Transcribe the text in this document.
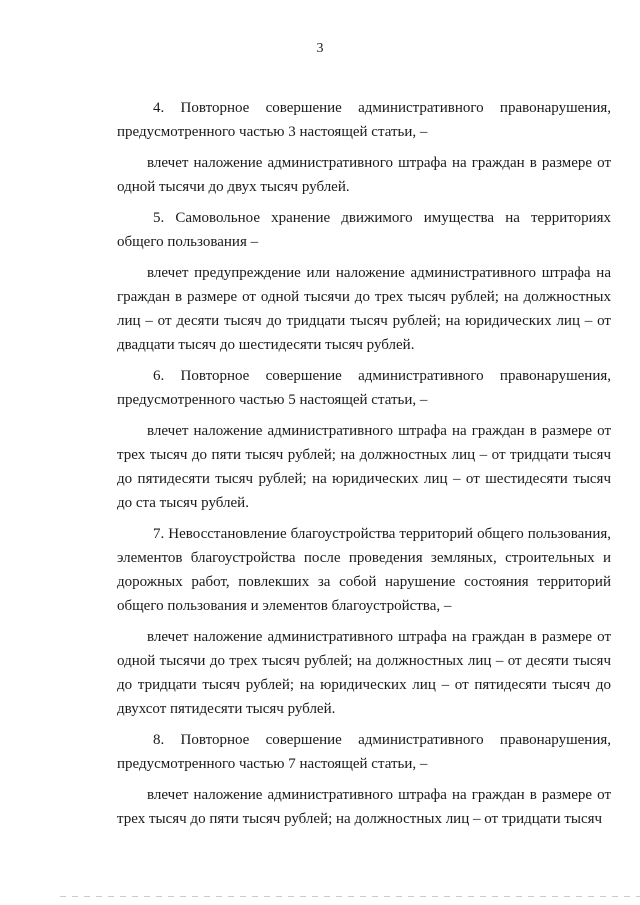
3

4. Повторное совершение административного правонарушения, предусмотренного частью 3 настоящей статьи, –

влечет наложение административного штрафа на граждан в размере от одной тысячи до двух тысяч рублей.

5. Самовольное хранение движимого имущества на территориях общего пользования –

влечет предупреждение или наложение административного штрафа на граждан в размере от одной тысячи до трех тысяч рублей; на должностных лиц – от десяти тысяч до тридцати тысяч рублей; на юридических лиц – от двадцати тысяч до шестидесяти тысяч рублей.

6. Повторное совершение административного правонарушения, предусмотренного частью 5 настоящей статьи, –

влечет наложение административного штрафа на граждан в размере от трех тысяч до пяти тысяч рублей; на должностных лиц – от тридцати тысяч до пятидесяти тысяч рублей; на юридических лиц – от шестидесяти тысяч до ста тысяч рублей.

7. Невосстановление благоустройства территорий общего пользования, элементов благоустройства после проведения земляных, строительных и дорожных работ, повлекших за собой нарушение состояния территорий общего пользования и элементов благоустройства, –

влечет наложение административного штрафа на граждан в размере от одной тысячи до трех тысяч рублей; на должностных лиц – от десяти тысяч до тридцати тысяч рублей; на юридических лиц – от пятидесяти тысяч до двухсот пятидесяти тысяч рублей.

8. Повторное совершение административного правонарушения, предусмотренного частью 7 настоящей статьи, –

влечет наложение административного штрафа на граждан в размере от трех тысяч до пяти тысяч рублей; на должностных лиц – от тридцати тысяч
